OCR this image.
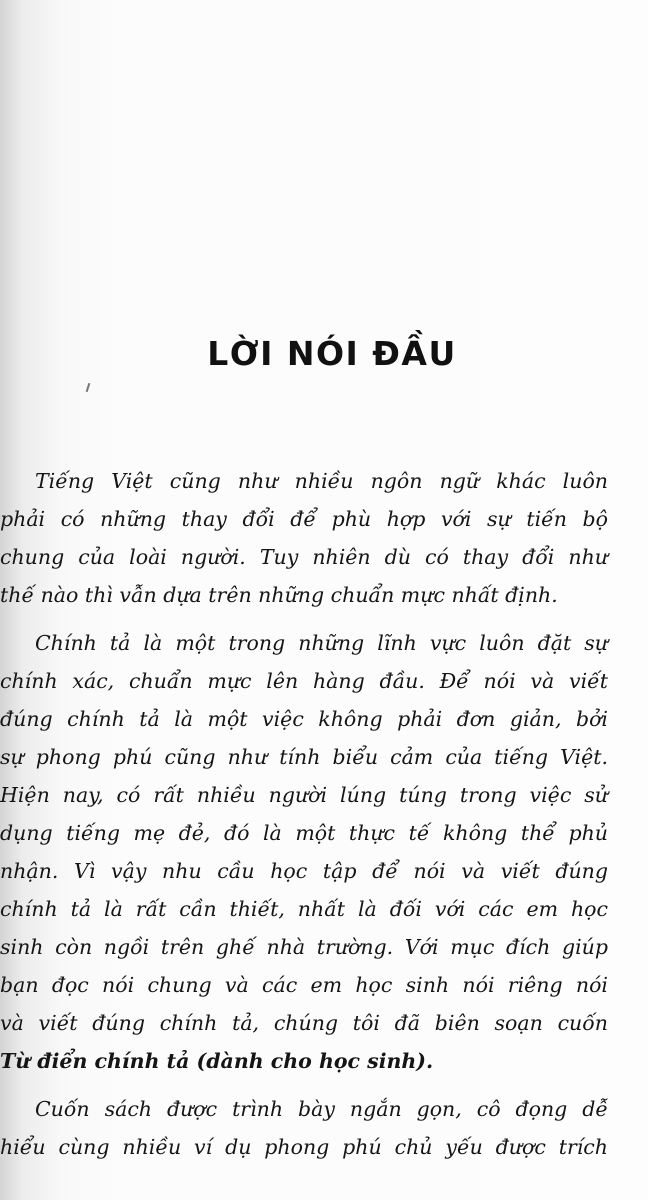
LỜI NÓI ĐẦU

Tiếng Việt cũng như nhiều ngôn ngữ khác luôn
phải có những thay đổi để phù hợp với sự tiến bộ
chung của loài người. Tuy nhiên dù có thay đổi như
thế nào thì vẫn dựa trên những chuẩn mực nhất định.

Chính tả là một trong những lĩnh vực luôn đặt sự
chính xác, chuẩn mực lên hàng đầu. Để nói và viết
đúng chính tả là một việc không phải đơn giản, bởi
sự phong phú cũng như tính biểu cảm của tiếng Việt.
Hiện nay, có rất nhiều người lúng túng trong việc sử
dụng tiếng mẹ đẻ, đó là một thực tế không thể phủ
nhận. Vì vậy nhu cầu học tập để nói và viết đúng
chính tả là rất cần thiết, nhất là đối với các em học
sinh còn ngồi trên ghế nhà trường. Với mục đích giúp
bạn đọc nói chung và các em học sinh nói riêng nói
và viết đúng chính tả, chúng tôi đã biên soạn cuốn
Từ điển chính tả (dành cho học sinh).

Cuốn sách được trình bày ngắn gọn, cô đọng dễ
hiểu cùng nhiều ví dụ phong phú chủ yếu được trích
